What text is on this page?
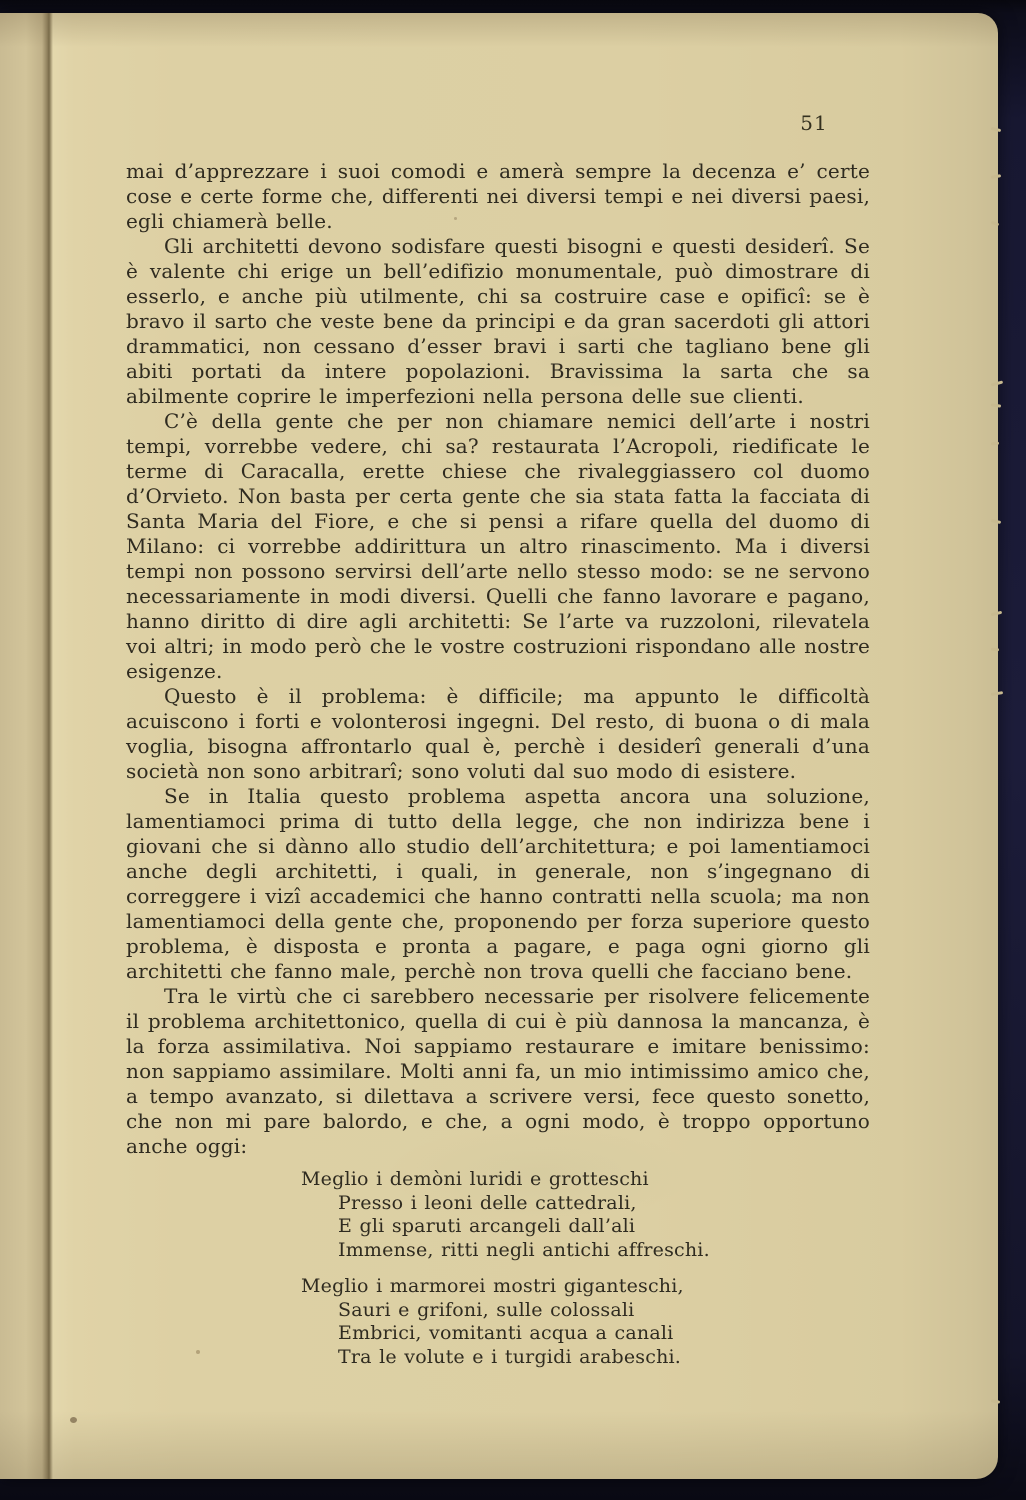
51

mai d’apprezzare i suoi comodi e amerà sempre la decenza e’ certe cose e certe forme che, differenti nei diversi tempi e nei diversi paesi, egli chiamerà belle.

Gli architetti devono sodisfare questi bisogni e questi desiderî. Se è valente chi erige un bell’edifizio monumentale, può dimostrare di esserlo, e anche più utilmente, chi sa costruire case e opificî: se è bravo il sarto che veste bene da principi e da gran sacerdoti gli attori drammatici, non cessano d’esser bravi i sarti che tagliano bene gli abiti portati da intere popolazioni. Bravissima la sarta che sa abilmente coprire le imperfezioni nella persona delle sue clienti.

C’è della gente che per non chiamare nemici dell’arte i nostri tempi, vorrebbe vedere, chi sa? restaurata l’Acropoli, riedificate le terme di Caracalla, erette chiese che rivaleggiassero col duomo d’Orvieto. Non basta per certa gente che sia stata fatta la facciata di Santa Maria del Fiore, e che si pensi a rifare quella del duomo di Milano: ci vorrebbe addirittura un altro rinascimento. Ma i diversi tempi non possono servirsi dell’arte nello stesso modo: se ne servono necessariamente in modi diversi. Quelli che fanno lavorare e pagano, hanno diritto di dire agli architetti: Se l’arte va ruzzoloni, rilevatela voi altri; in modo però che le vostre costruzioni rispondano alle nostre esigenze.

Questo è il problema: è difficile; ma appunto le difficoltà acuiscono i forti e volonterosi ingegni. Del resto, di buona o di mala voglia, bisogna affrontarlo qual è, perchè i desiderî generali d’una società non sono arbitrarî; sono voluti dal suo modo di esistere.

Se in Italia questo problema aspetta ancora una soluzione, lamentiamoci prima di tutto della legge, che non indirizza bene i giovani che si dànno allo studio dell’architettura; e poi lamentiamoci anche degli architetti, i quali, in generale, non s’ingegnano di correggere i vizî accademici che hanno contratti nella scuola; ma non lamentiamoci della gente che, proponendo per forza superiore questo problema, è disposta e pronta a pagare, e paga ogni giorno gli architetti che fanno male, perchè non trova quelli che facciano bene.

Tra le virtù che ci sarebbero necessarie per risolvere felicemente il problema architettonico, quella di cui è più dannosa la mancanza, è la forza assimilativa. Noi sappiamo restaurare e imitare benissimo: non sappiamo assimilare. Molti anni fa, un mio intimissimo amico che, a tempo avanzato, si dilettava a scrivere versi, fece questo sonetto, che non mi pare balordo, e che, a ogni modo, è troppo opportuno anche oggi:

Meglio i demòni luridi e grotteschi
Presso i leoni delle cattedrali,
E gli sparuti arcangeli dall’ali
Immense, ritti negli antichi affreschi.
Meglio i marmorei mostri giganteschi,
Sauri e grifoni, sulle colossali
Embrici, vomitanti acqua a canali
Tra le volute e i turgidi arabeschi.
